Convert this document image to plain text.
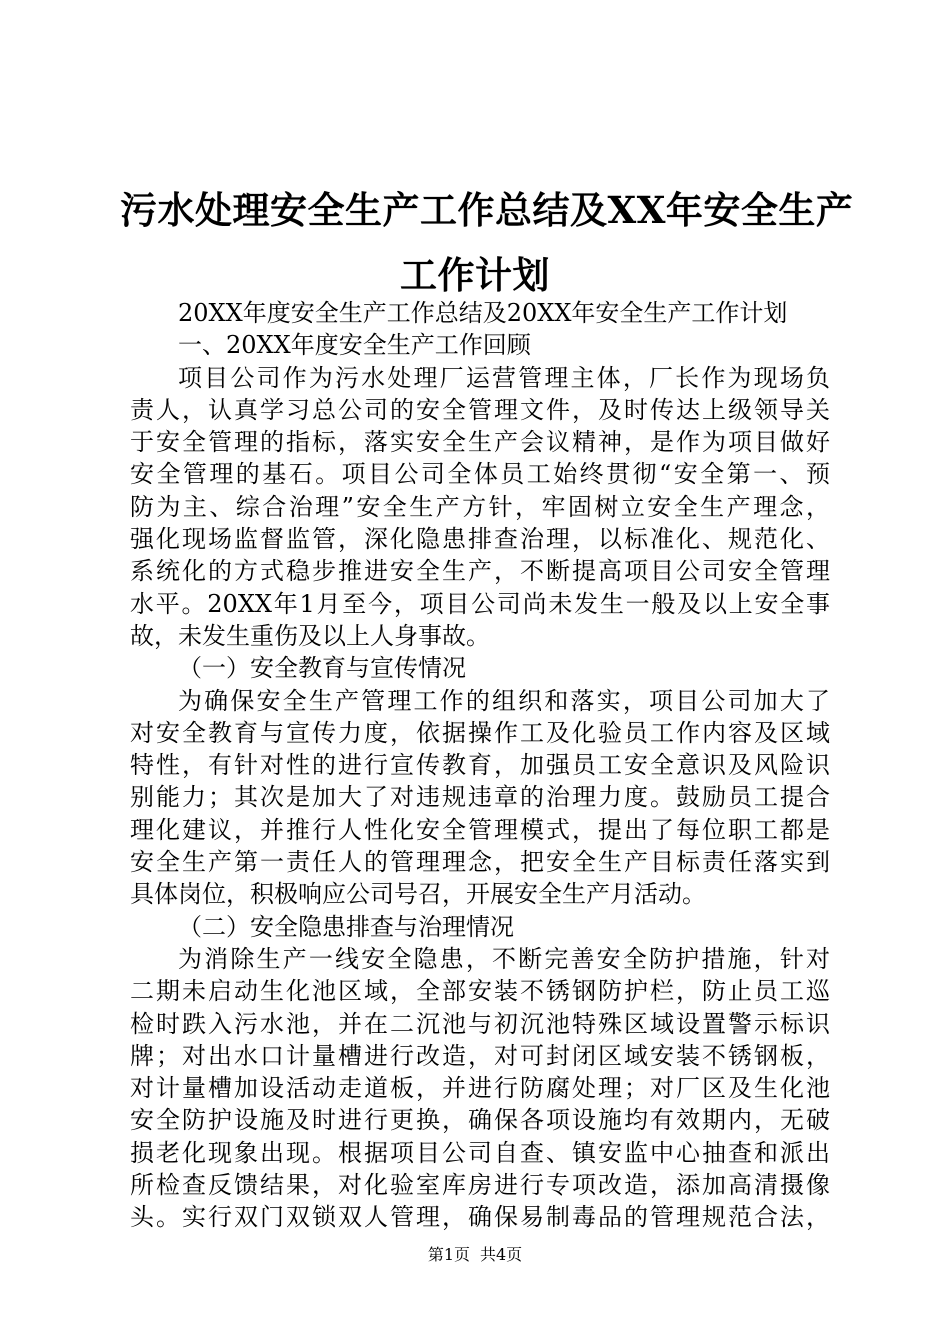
污水处理安全生产工作总结及XX年安全生产
工作计划
20XX年度安全生产工作总结及20XX年安全生产工作计划
一、20XX年度安全生产工作回顾
项目公司作为污水处理厂运营管理主体，厂长作为现场负
责人，认真学习总公司的安全管理文件，及时传达上级领导关
于安全管理的指标，落实安全生产会议精神，是作为项目做好
安全管理的基石。项目公司全体员工始终贯彻“安全第一、预
防为主、综合治理”安全生产方针，牢固树立安全生产理念，
强化现场监督监管，深化隐患排查治理，以标准化、规范化、
系统化的方式稳步推进安全生产，不断提高项目公司安全管理
水平。20XX年1月至今，项目公司尚未发生一般及以上安全事
故，未发生重伤及以上人身事故。
（一）安全教育与宣传情况
为确保安全生产管理工作的组织和落实，项目公司加大了
对安全教育与宣传力度，依据操作工及化验员工作内容及区域
特性，有针对性的进行宣传教育，加强员工安全意识及风险识
别能力；其次是加大了对违规违章的治理力度。鼓励员工提合
理化建议，并推行人性化安全管理模式，提出了每位职工都是
安全生产第一责任人的管理理念，把安全生产目标责任落实到
具体岗位，积极响应公司号召，开展安全生产月活动。
（二）安全隐患排查与治理情况
为消除生产一线安全隐患，不断完善安全防护措施，针对
二期未启动生化池区域，全部安装不锈钢防护栏，防止员工巡
检时跌入污水池，并在二沉池与初沉池特殊区域设置警示标识
牌；对出水口计量槽进行改造，对可封闭区域安装不锈钢板，
对计量槽加设活动走道板，并进行防腐处理；对厂区及生化池
安全防护设施及时进行更换，确保各项设施均有效期内，无破
损老化现象出现。根据项目公司自查、镇安监中心抽查和派出
所检查反馈结果，对化验室库房进行专项改造，添加高清摄像
头。实行双门双锁双人管理，确保易制毒品的管理规范合法，
第1页 共4页
